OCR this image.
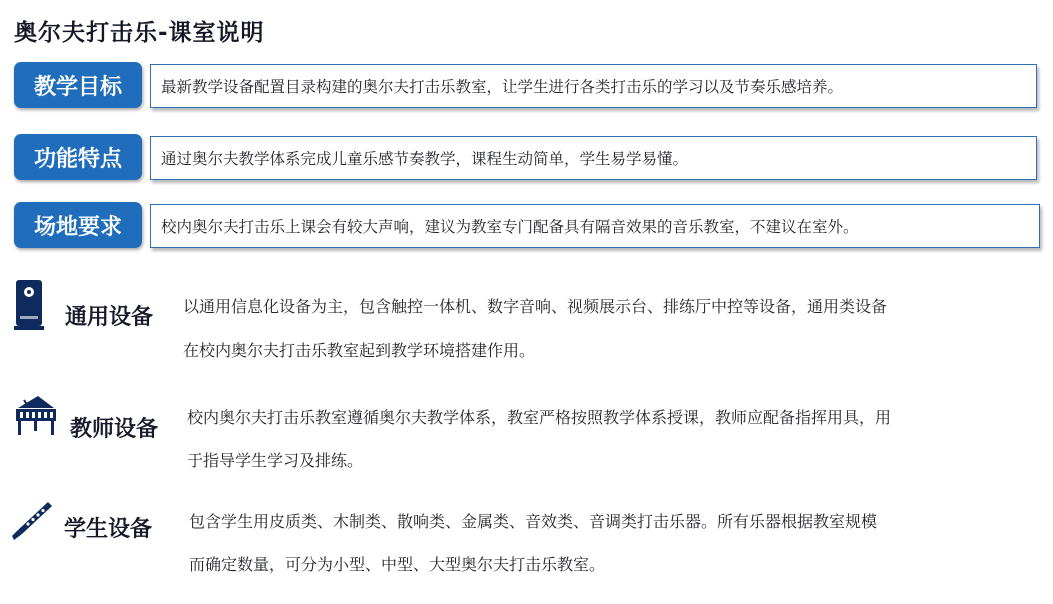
奥尔夫打击乐-课室说明
教学目标	最新教学设备配置目录构建的奥尔夫打击乐教室，让学生进行各类打击乐的学习以及节奏乐感培养。
功能特点	通过奥尔夫教学体系完成儿童乐感节奏教学，课程生动简单，学生易学易懂。
场地要求	校内奥尔夫打击乐上课会有较大声响，建议为教室专门配备具有隔音效果的音乐教室，不建议在室外。
通用设备 以通用信息化设备为主，包含触控一体机、数字音响、视频展示台、排练厅中控等设备，通用类设备
在校内奥尔夫打击乐教室起到教学环境搭建作用。
教师设备 校内奥尔夫打击乐教室遵循奥尔夫教学体系，教室严格按照教学体系授课，教师应配备指挥用具，用
于指导学生学习及排练。
学生设备 包含学生用皮质类、木制类、散响类、金属类、音效类、音调类打击乐器。所有乐器根据教室规模
而确定数量，可分为小型、中型、大型奥尔夫打击乐教室。
